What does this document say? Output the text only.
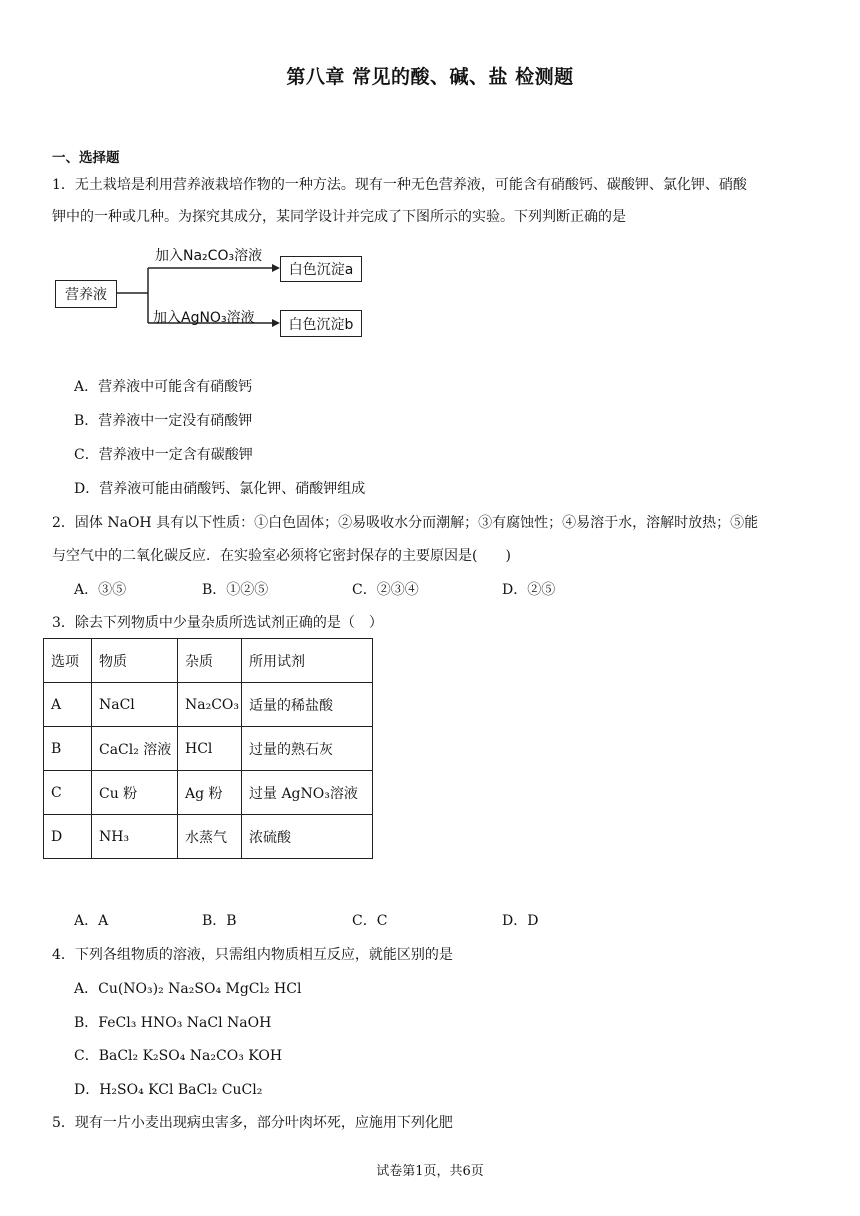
第八章 常见的酸、碱、盐 检测题
一、选择题
1．无土栽培是利用营养液栽培作物的一种方法。现有一种无色营养液，可能含有硝酸钙、碳酸钾、氯化钾、硝酸
钾中的一种或几种。为探究其成分，某同学设计并完成了下图所示的实验。下列判断正确的是
营养液
加入Na₂CO₃溶液
白色沉淀a
加入AgNO₃溶液 白色沉淀b
A．营养液中可能含有硝酸钙
B．营养液中一定没有硝酸钾
C．营养液中一定含有碳酸钾
D．营养液可能由硝酸钙、氯化钾、硝酸钾组成
2．固体 NaOH 具有以下性质：①白色固体；②易吸收水分而潮解；③有腐蚀性；④易溶于水，溶解时放热；⑤能
与空气中的二氧化碳反应．在实验室必须将它密封保存的主要原因是(　　)
A．③⑤	B．①②⑤	C．②③④	D．②⑤
3．除去下列物质中少量杂质所选试剂正确的是（　）
选项	物质	杂质	所用试剂
A	NaCl	Na₂CO₃	适量的稀盐酸
B	CaCl₂ 溶液	HCl	过量的熟石灰
C	Cu 粉	Ag 粉	过量 AgNO₃溶液
D	NH₃	水蒸气	浓硫酸
A．A	B．B	C．C	D．D
4．下列各组物质的溶液，只需组内物质相互反应，就能区别的是
A．Cu(NO₃)₂ Na₂SO₄ MgCl₂ HCl
B．FeCl₃ HNO₃ NaCl NaOH
C．BaCl₂ K₂SO₄ Na₂CO₃ KOH
D．H₂SO₄ KCl BaCl₂ CuCl₂
5．现有一片小麦出现病虫害多，部分叶肉坏死，应施用下列化肥
试卷第1页，共6页
